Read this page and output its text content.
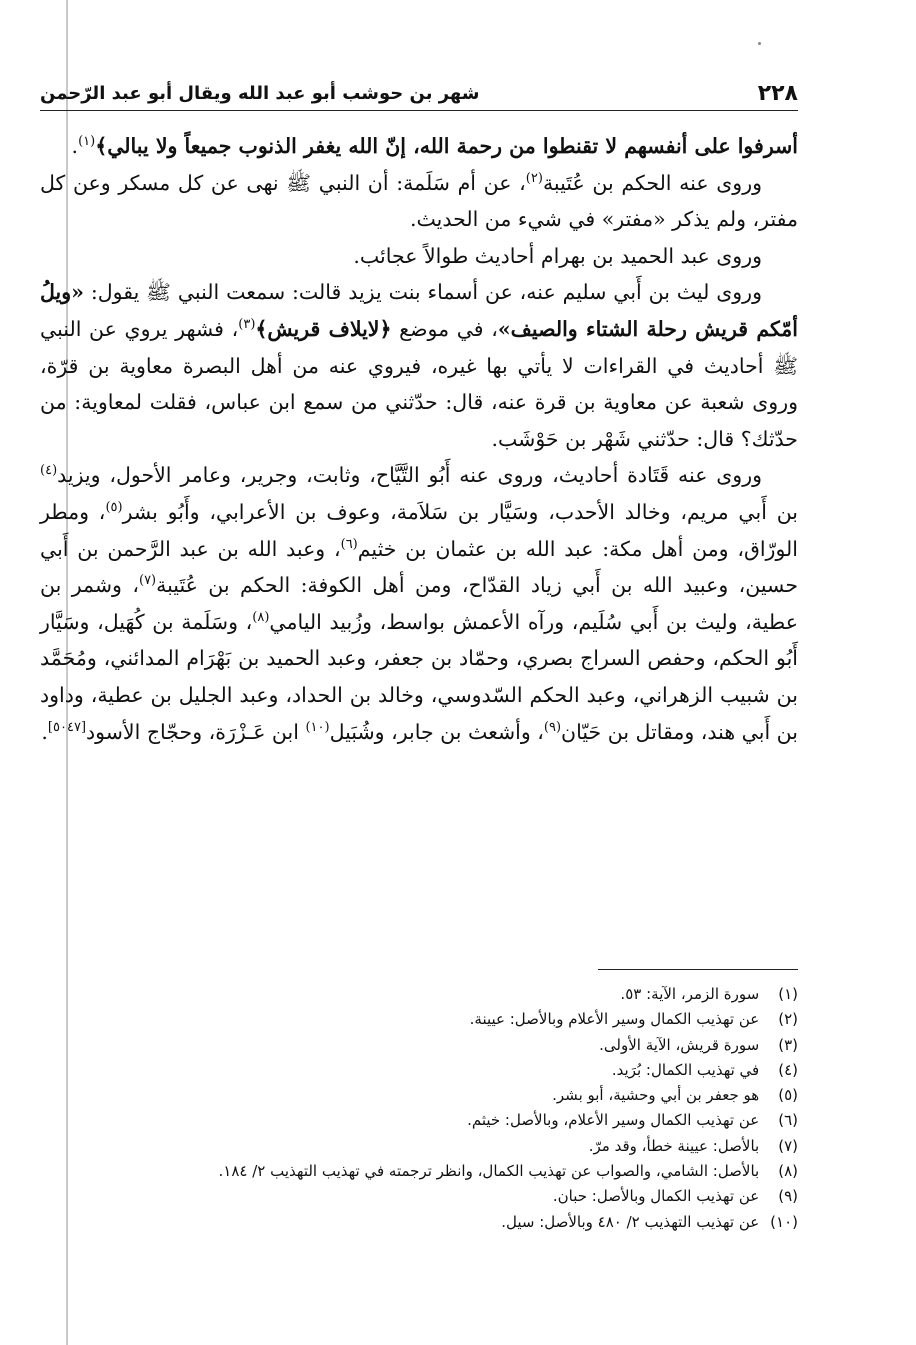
٢٢٨
شهر بن حوشب أبو عبد الله ويقال أبو عبد الرّحمن

أسرفوا على أنفسهم لا تقنطوا من رحمة الله، إنّ الله يغفر الذنوب جميعاً ولا يبالي﴾$^{(١)}$.

وروى عنه الحكم بن عُتَيبة$^{(٢)}$، عن أم سَلَمة: أن النبي ﷺ نهى عن كل مسكر وعن كل مفتر، ولم يذكر «مفتر» في شيء من الحديث.

وروى عبد الحميد بن بهرام أحاديث طوالاً عجائب.

وروى ليث بن أَبي سليم عنه، عن أسماء بنت يزيد قالت: سمعت النبي ﷺ يقول: «ويلُ أمّكم قريش رحلة الشتاء والصيف»، في موضع ﴿لايلاف قريش﴾$^{(٣)}$، فشهر يروي عن النبي ﷺ أحاديث في القراءات لا يأتي بها غيره، فيروي عنه من أهل البصرة معاوية بن قرّة، وروى شعبة عن معاوية بن قرة عنه، قال: حدّثني من سمع ابن عباس، فقلت لمعاوية: من حدّثك؟ قال: حدّثني شَهْر بن حَوْشَب.

وروى عنه قَتَادة أحاديث، وروى عنه أَبُو التَّيَّاح، وثابت، وجرير، وعامر الأحول، ويزيد$^{(٤)}$ بن أَبي مريم، وخالد الأحدب، وسَيَّار بن سَلاَمة، وعوف بن الأعرابي، وأَبُو بشر$^{(٥)}$، ومطر الورّاق، ومن أهل مكة: عبد الله بن عثمان بن خثيم$^{(٦)}$، وعبد الله بن عبد الرَّحمن بن أَبي حسين، وعبيد الله بن أَبي زياد القدّاح، ومن أهل الكوفة: الحكم بن عُتَيبة$^{(٧)}$، وشمر بن عطية، وليث بن أَبي سُلَيم، ورآه الأعمش بواسط، وزُبيد اليامي$^{(٨)}$، وسَلَمة بن كُهَيل، وسَيَّار أَبُو الحكم، وحفص السراج بصري، وحمّاد بن جعفر، وعبد الحميد بن بَهْرَام المدائني، ومُحَمَّد بن شبيب الزهراني، وعبد الحكم السّدوسي، وخالد بن الحداد، وعبد الجليل بن عطية، وداود بن أَبي هند، ومقاتل بن حَيّان$^{(٩)}$، وأشعث بن جابر، وشُبَيل$^{(١٠)}$ ابن عَـزْرَة، وحجّاج الأسود[٥٠٤٧].

(١) سورة الزمر، الآية: ٥٣.

(٢) عن تهذيب الكمال وسير الأعلام وبالأصل: عيينة.

(٣) سورة قريش، الآية الأولى.

(٤) في تهذيب الكمال: بُرَيد.

(٥) هو جعفر بن أبي وحشية، أبو بشر.

(٦) عن تهذيب الكمال وسير الأعلام، وبالأصل: خيثم.

(٧) بالأصل: عيينة خطأ، وقد مرّ.

(٨) بالأصل: الشامي، والصواب عن تهذيب الكمال، وانظر ترجمته في تهذيب التهذيب ٢/ ١٨٤.

(٩) عن تهذيب الكمال وبالأصل: حبان.

(١٠) عن تهذيب التهذيب ٢/ ٤٨٠ وبالأصل: سيل.
